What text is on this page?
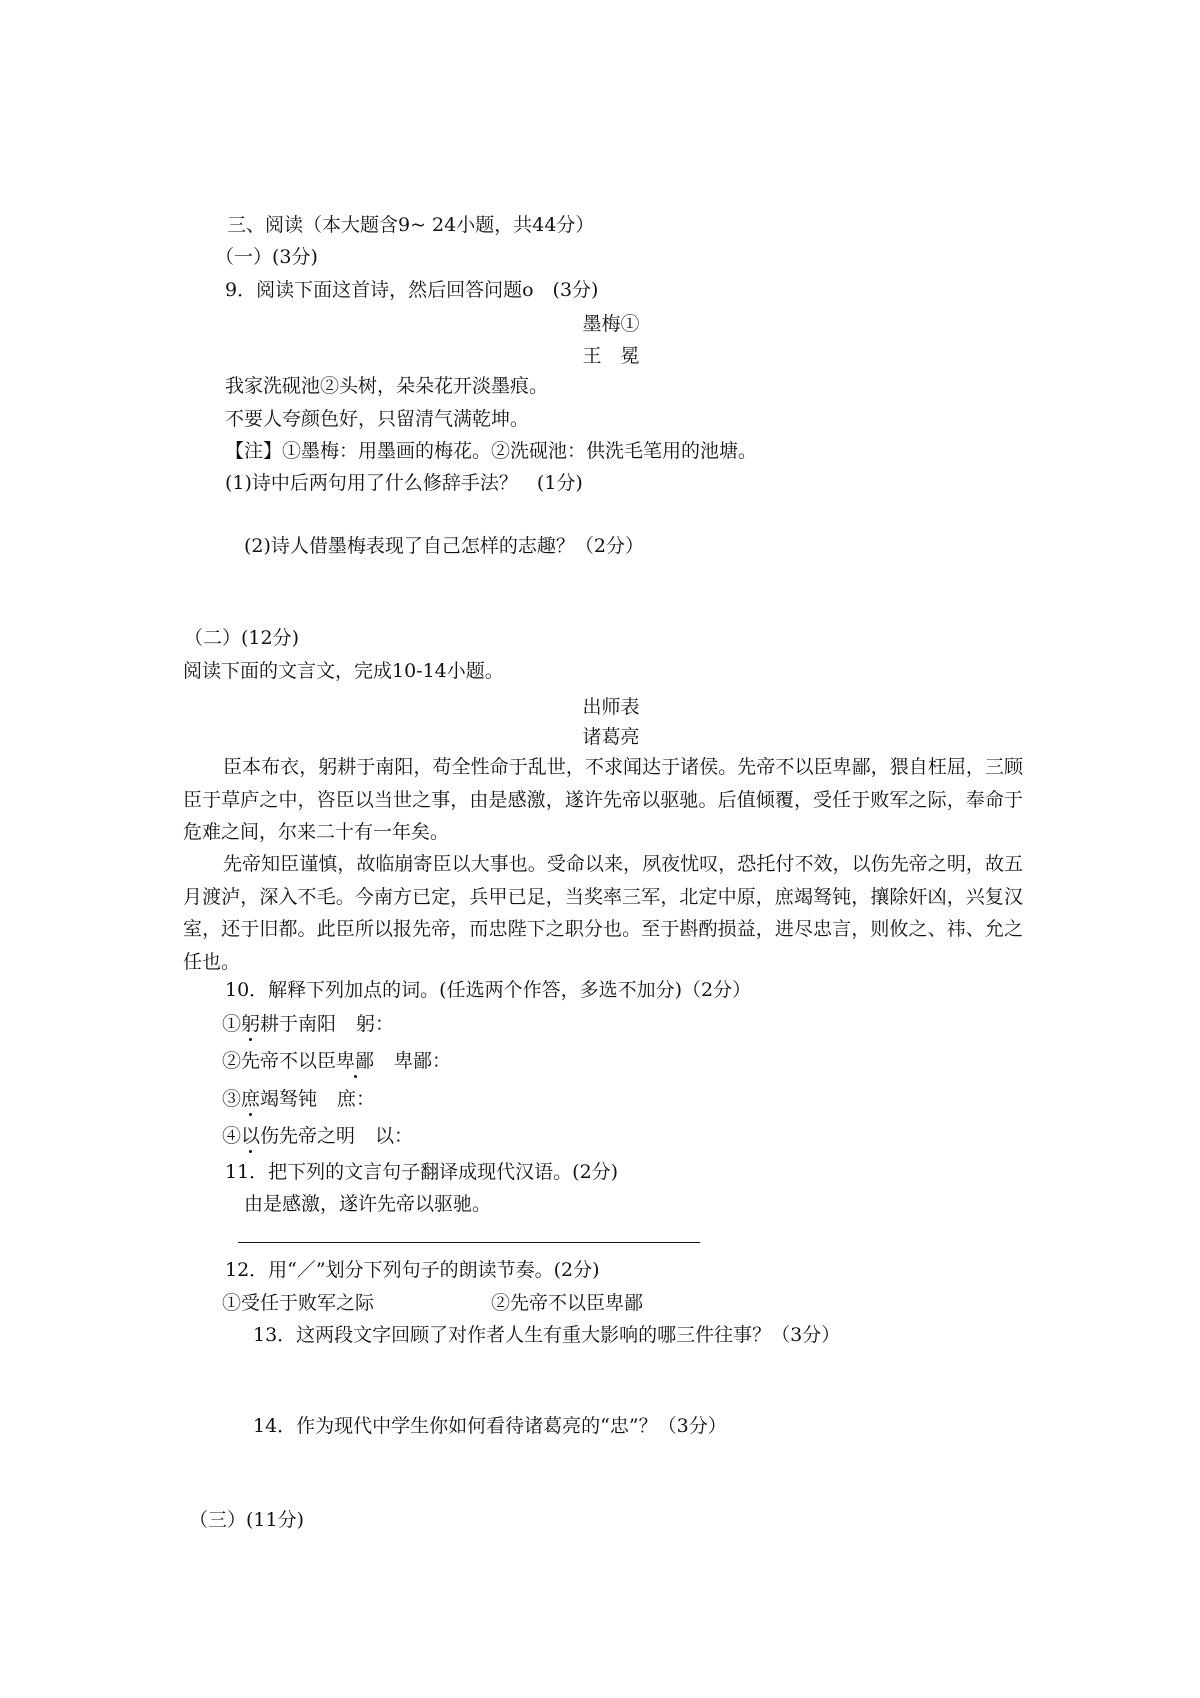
三、阅读（本大题含9~ 24小题，共44分）
（一）(3分)
9．阅读下面这首诗，然后回答问题o　(3分)
墨梅①
王　冕
我家洗砚池②头树，朵朵花开淡墨痕。
不要人夸颜色好，只留清气满乾坤。
【注】①墨梅：用墨画的梅花。②洗砚池：供洗毛笔用的池塘。
(1)诗中后两句用了什么修辞手法？　(1分)
(2)诗人借墨梅表现了自己怎样的志趣？（2分）
（二）(12分)
阅读下面的文言文，完成10-14小题。
出师表
诸葛亮
臣本布衣，躬耕于南阳，苟全性命于乱世，不求闻达于诸侯。先帝不以臣卑鄙，猥自枉屈，三顾臣于草庐之中，咨臣以当世之事，由是感激，遂许先帝以驱驰。后值倾覆，受任于败军之际，奉命于危难之间，尔来二十有一年矣。
先帝知臣谨慎，故临崩寄臣以大事也。受命以来，夙夜忧叹，恐托付不效，以伤先帝之明，故五月渡泸，深入不毛。今南方已定，兵甲已足，当奖率三军，北定中原，庶竭驽钝，攘除奸凶，兴复汉室，还于旧都。此臣所以报先帝，而忠陛下之职分也。至于斟酌损益，进尽忠言，则攸之、祎、允之任也。
10．解释下列加点的词。(任选两个作答，多选不加分)（2分）
①躬耕于南阳 躬：
②先帝不以臣卑鄙 卑鄙：
③庶竭驽钝 庶：
④以伤先帝之明 以：
11．把下列的文言句子翻译成现代汉语。(2分)
由是感激，遂许先帝以驱驰。
12．用“／”划分下列句子的朗读节奏。(2分)
①受任于败军之际	②先帝不以臣卑鄙
13．这两段文字回顾了对作者人生有重大影响的哪三件往事？（3分）
14．作为现代中学生你如何看待诸葛亮的“忠”？（3分）
（三）(11分)
